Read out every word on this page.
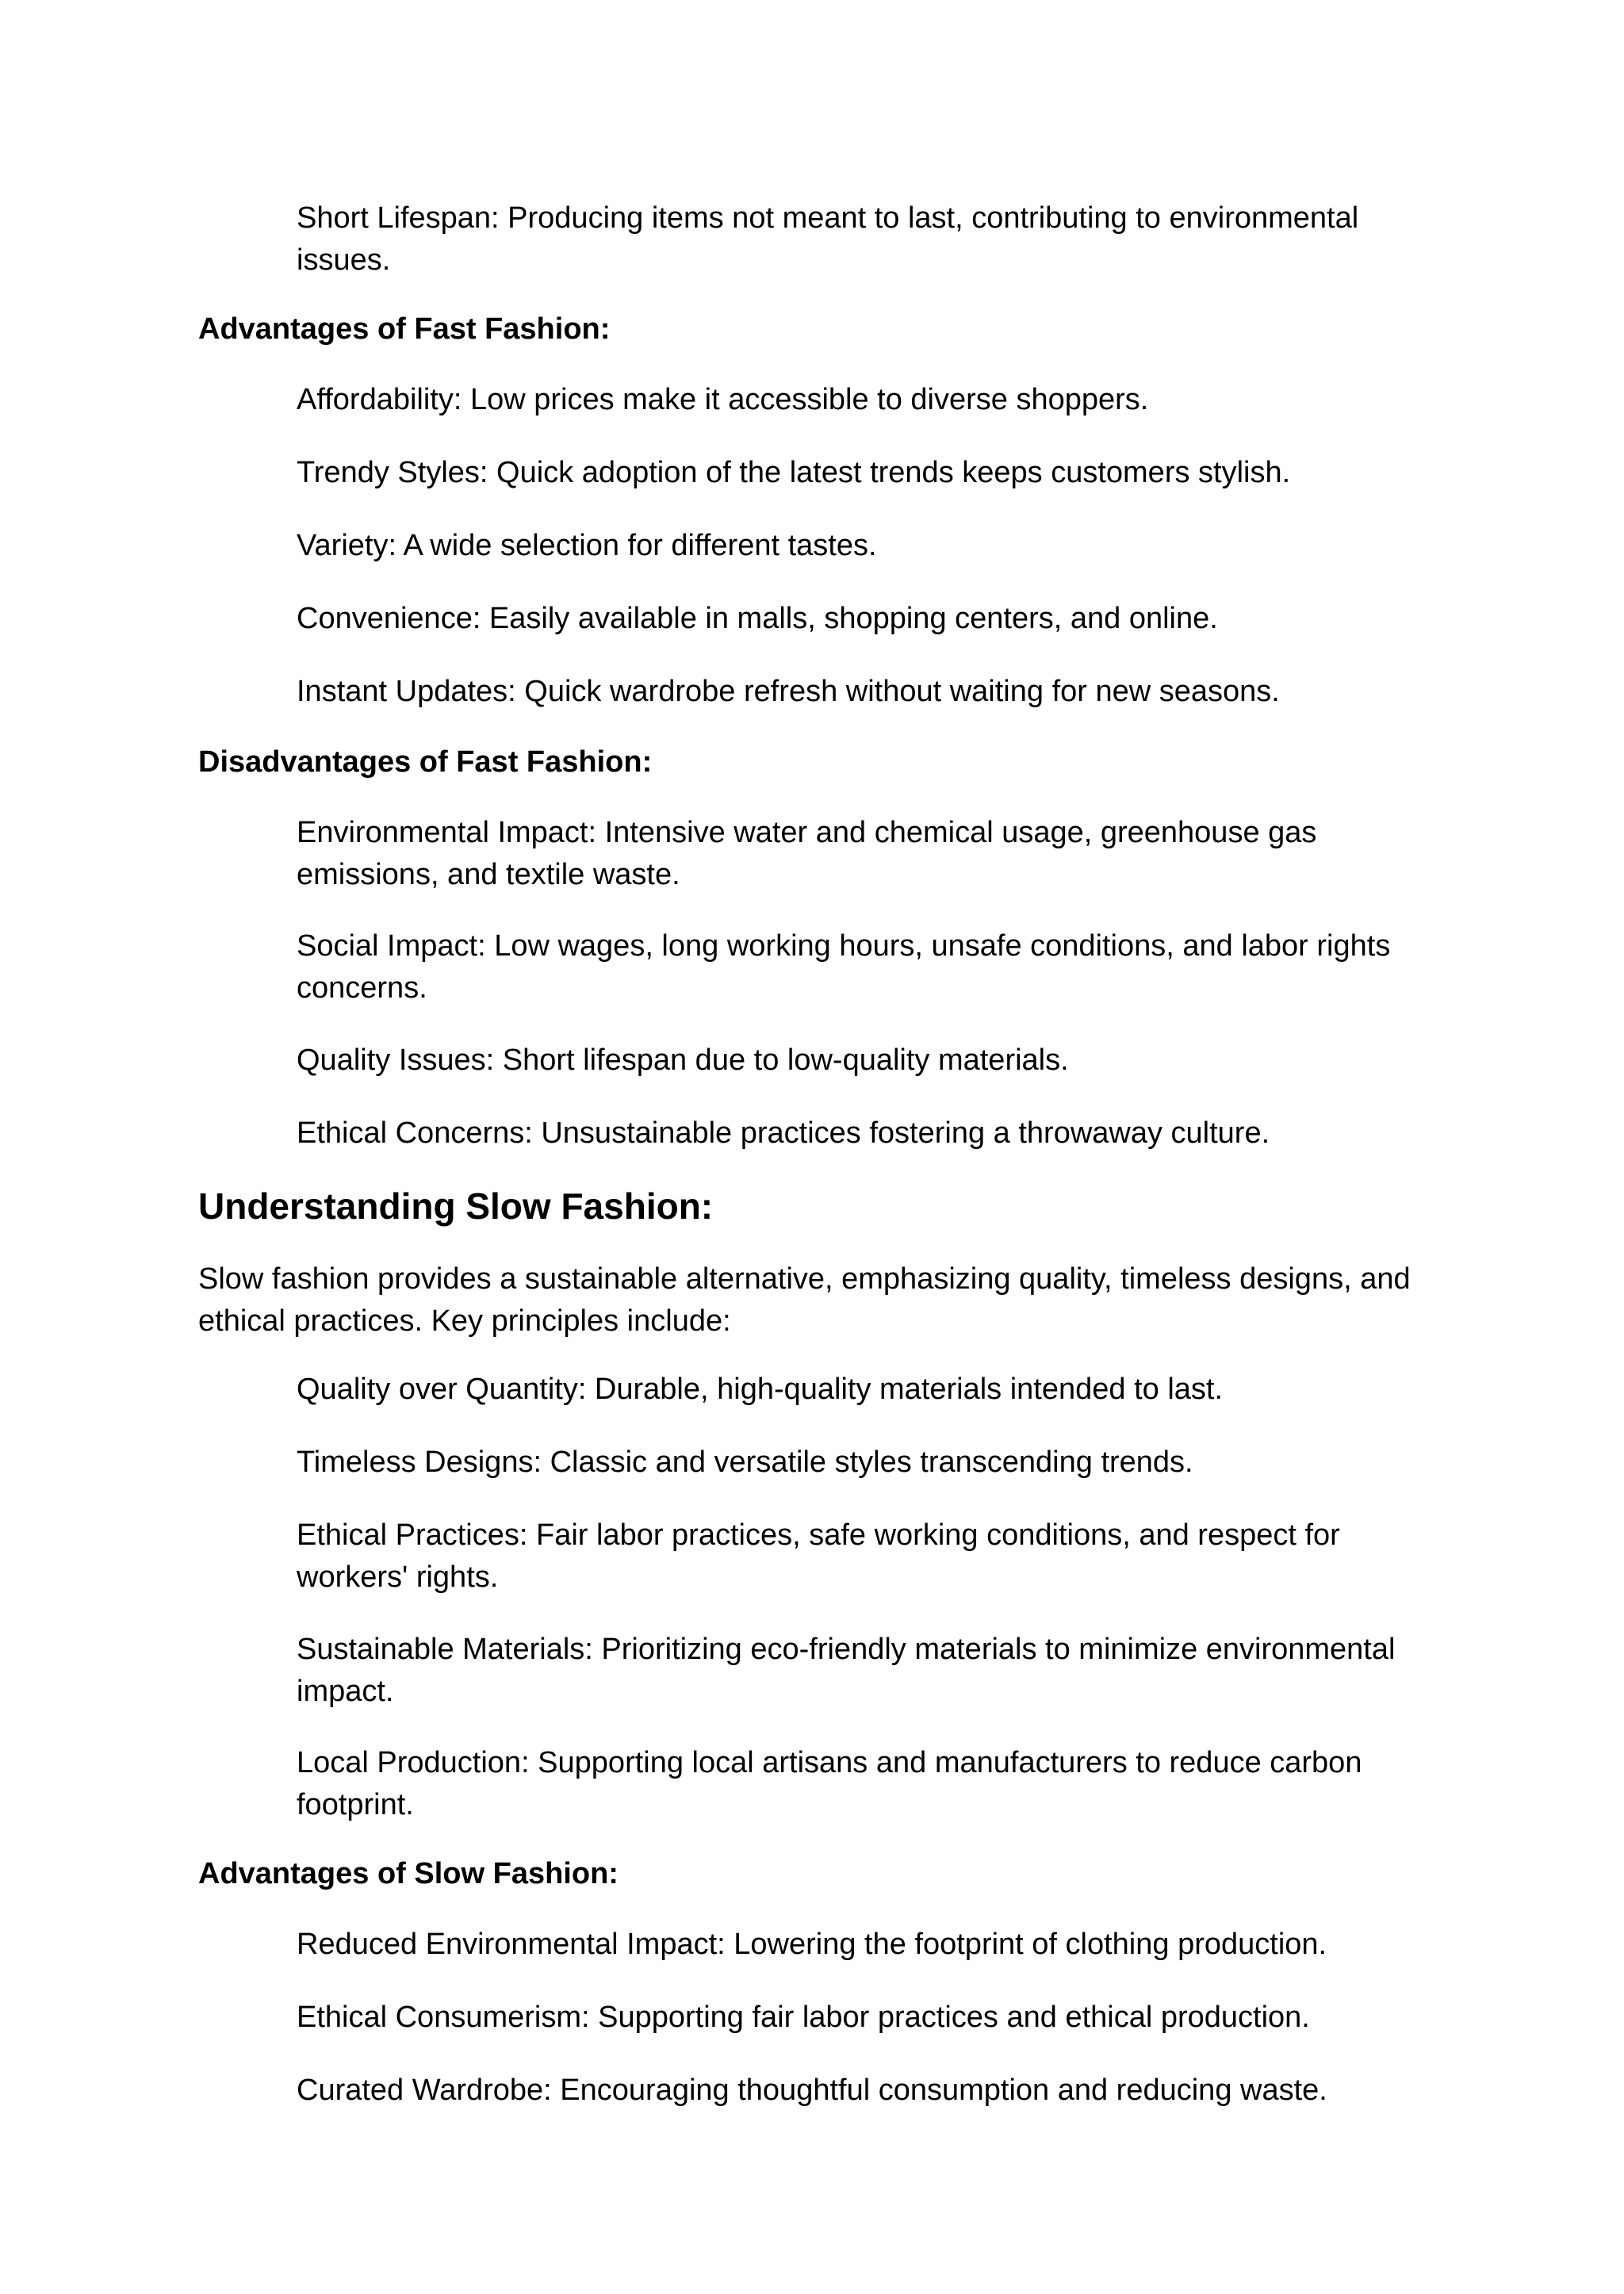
Short Lifespan: Producing items not meant to last, contributing to environmental issues.

Advantages of Fast Fashion:

Affordability: Low prices make it accessible to diverse shoppers.

Trendy Styles: Quick adoption of the latest trends keeps customers stylish.

Variety: A wide selection for different tastes.

Convenience: Easily available in malls, shopping centers, and online.

Instant Updates: Quick wardrobe refresh without waiting for new seasons.

Disadvantages of Fast Fashion:

Environmental Impact: Intensive water and chemical usage, greenhouse gas emissions, and textile waste.

Social Impact: Low wages, long working hours, unsafe conditions, and labor rights concerns.

Quality Issues: Short lifespan due to low-quality materials.

Ethical Concerns: Unsustainable practices fostering a throwaway culture.

Understanding Slow Fashion:

Slow fashion provides a sustainable alternative, emphasizing quality, timeless designs, and ethical practices. Key principles include:

Quality over Quantity: Durable, high-quality materials intended to last.

Timeless Designs: Classic and versatile styles transcending trends.

Ethical Practices: Fair labor practices, safe working conditions, and respect for workers' rights.

Sustainable Materials: Prioritizing eco-friendly materials to minimize environmental impact.

Local Production: Supporting local artisans and manufacturers to reduce carbon footprint.

Advantages of Slow Fashion:

Reduced Environmental Impact: Lowering the footprint of clothing production.

Ethical Consumerism: Supporting fair labor practices and ethical production.

Curated Wardrobe: Encouraging thoughtful consumption and reducing waste.
